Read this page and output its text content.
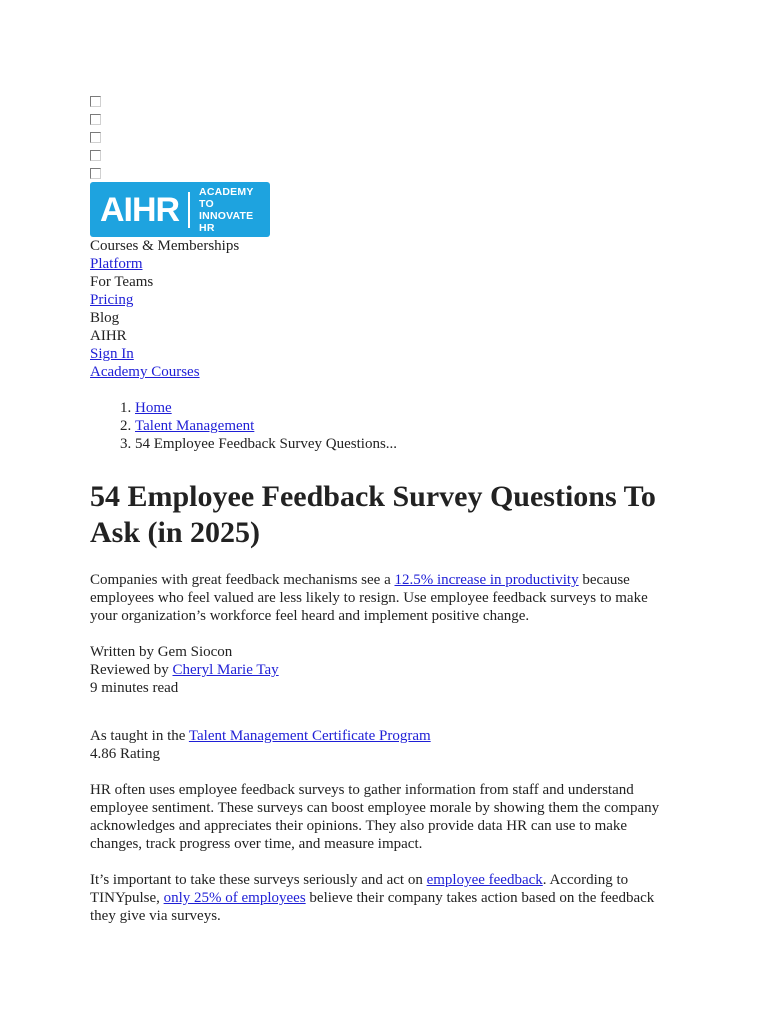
AIHR ACADEMY TO
INNOVATE HR
Courses & Memberships
Platform
For Teams
Pricing
Blog
AIHR
Sign In
Academy Courses
1. Home
2. Talent Management
3. 54 Employee Feedback Survey Questions...
54 Employee Feedback Survey Questions To Ask (in 2025)

Companies with great feedback mechanisms see a 12.5% increase in productivity because employees who feel valued are less likely to resign. Use employee feedback surveys to make your organization’s workforce feel heard and implement positive change.

Written by Gem Siocon
Reviewed by Cheryl Marie Tay
9 minutes read
As taught in the Talent Management Certificate Program
4.86 Rating

HR often uses employee feedback surveys to gather information from staff and understand employee sentiment. These surveys can boost employee morale by showing them the company acknowledges and appreciates their opinions. They also provide data HR can use to make changes, track progress over time, and measure impact.

It’s important to take these surveys seriously and act on employee feedback. According to TINYpulse, only 25% of employees believe their company takes action based on the feedback they give via surveys.
